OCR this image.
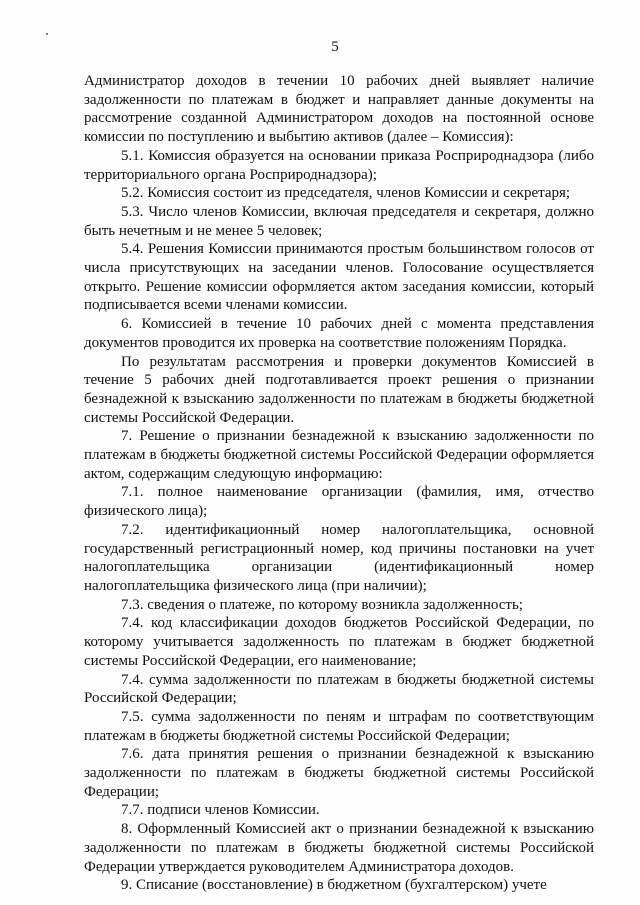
5

Администратор доходов в течении 10 рабочих дней выявляет наличие задолженности по платежам в бюджет и направляет данные документы на рассмотрение созданной Администратором доходов на постоянной основе комиссии по поступлению и выбытию активов (далее – Комиссия):

5.1. Комиссия образуется на основании приказа Росприроднадзора (либо территориального органа Росприроднадзора);

5.2. Комиссия состоит из председателя, членов Комиссии и секретаря;

5.3. Число членов Комиссии, включая председателя и секретаря, должно быть нечетным и не менее 5 человек;

5.4. Решения Комиссии принимаются простым большинством голосов от числа присутствующих на заседании членов. Голосование осуществляется открыто. Решение комиссии оформляется актом заседания комиссии, который подписывается всеми членами комиссии.

6. Комиссией в течение 10 рабочих дней с момента представления документов проводится их проверка на соответствие положениям Порядка.

По результатам рассмотрения и проверки документов Комиссией в течение 5 рабочих дней подготавливается проект решения о признании безнадежной к взысканию задолженности по платежам в бюджеты бюджетной системы Российской Федерации.

7. Решение о признании безнадежной к взысканию задолженности по платежам в бюджеты бюджетной системы Российской Федерации оформляется актом, содержащим следующую информацию:

7.1. полное наименование организации (фамилия, имя, отчество физического лица);

7.2. идентификационный номер налогоплательщика, основной государственный регистрационный номер, код причины постановки на учет налогоплательщика организации (идентификационный номер налогоплательщика физического лица (при наличии);

7.3. сведения о платеже, по которому возникла задолженность;

7.4. код классификации доходов бюджетов Российской Федерации, по которому учитывается задолженность по платежам в бюджет бюджетной системы Российской Федерации, его наименование;

7.4. сумма задолженности по платежам в бюджеты бюджетной системы Российской Федерации;

7.5. сумма задолженности по пеням и штрафам по соответствующим платежам в бюджеты бюджетной системы Российской Федерации;

7.6. дата принятия решения о признании безнадежной к взысканию задолженности по платежам в бюджеты бюджетной системы Российской Федерации;

7.7. подписи членов Комиссии.

8. Оформленный Комиссией акт о признании безнадежной к взысканию задолженности по платежам в бюджеты бюджетной системы Российской Федерации утверждается руководителем Администратора доходов.

9. Списание (восстановление) в бюджетном (бухгалтерском) учете
